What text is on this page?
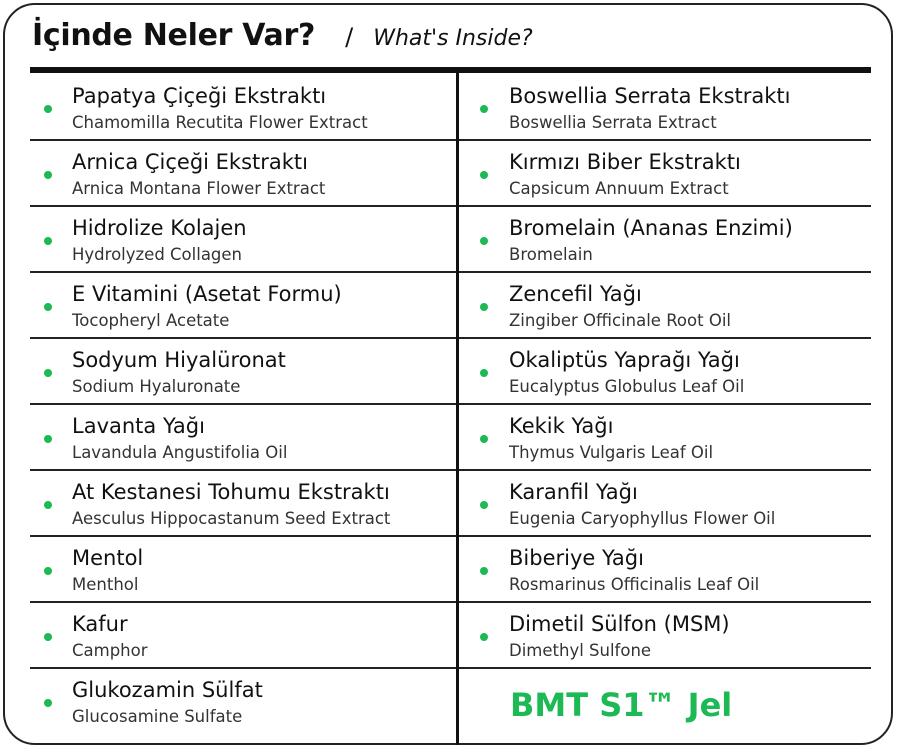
İçinde Neler Var? / What's Inside?
Papatya Çiçeği Ekstraktı
Chamomilla Recutita Flower Extract
Arnica Çiçeği Ekstraktı
Arnica Montana Flower Extract
Hidrolize Kolajen
Hydrolyzed Collagen
E Vitamini (Asetat Formu)
Tocopheryl Acetate
Sodyum Hiyalüronat
Sodium Hyaluronate
Lavanta Yağı
Lavandula Angustifolia Oil
At Kestanesi Tohumu Ekstraktı
Aesculus Hippocastanum Seed Extract
Mentol
Menthol
Kafur
Camphor
Glukozamin Sülfat
Glucosamine Sulfate
Boswellia Serrata Ekstraktı
Boswellia Serrata Extract
Kırmızı Biber Ekstraktı
Capsicum Annuum Extract
Bromelain (Ananas Enzimi)
Bromelain
Zencefil Yağı
Zingiber Officinale Root Oil
Okaliptüs Yaprağı Yağı
Eucalyptus Globulus Leaf Oil
Kekik Yağı
Thymus Vulgaris Leaf Oil
Karanfil Yağı
Eugenia Caryophyllus Flower Oil
Biberiye Yağı
Rosmarinus Officinalis Leaf Oil
Dimetil Sülfon (MSM)
Dimethyl Sulfone
BMT S1™ Jel
